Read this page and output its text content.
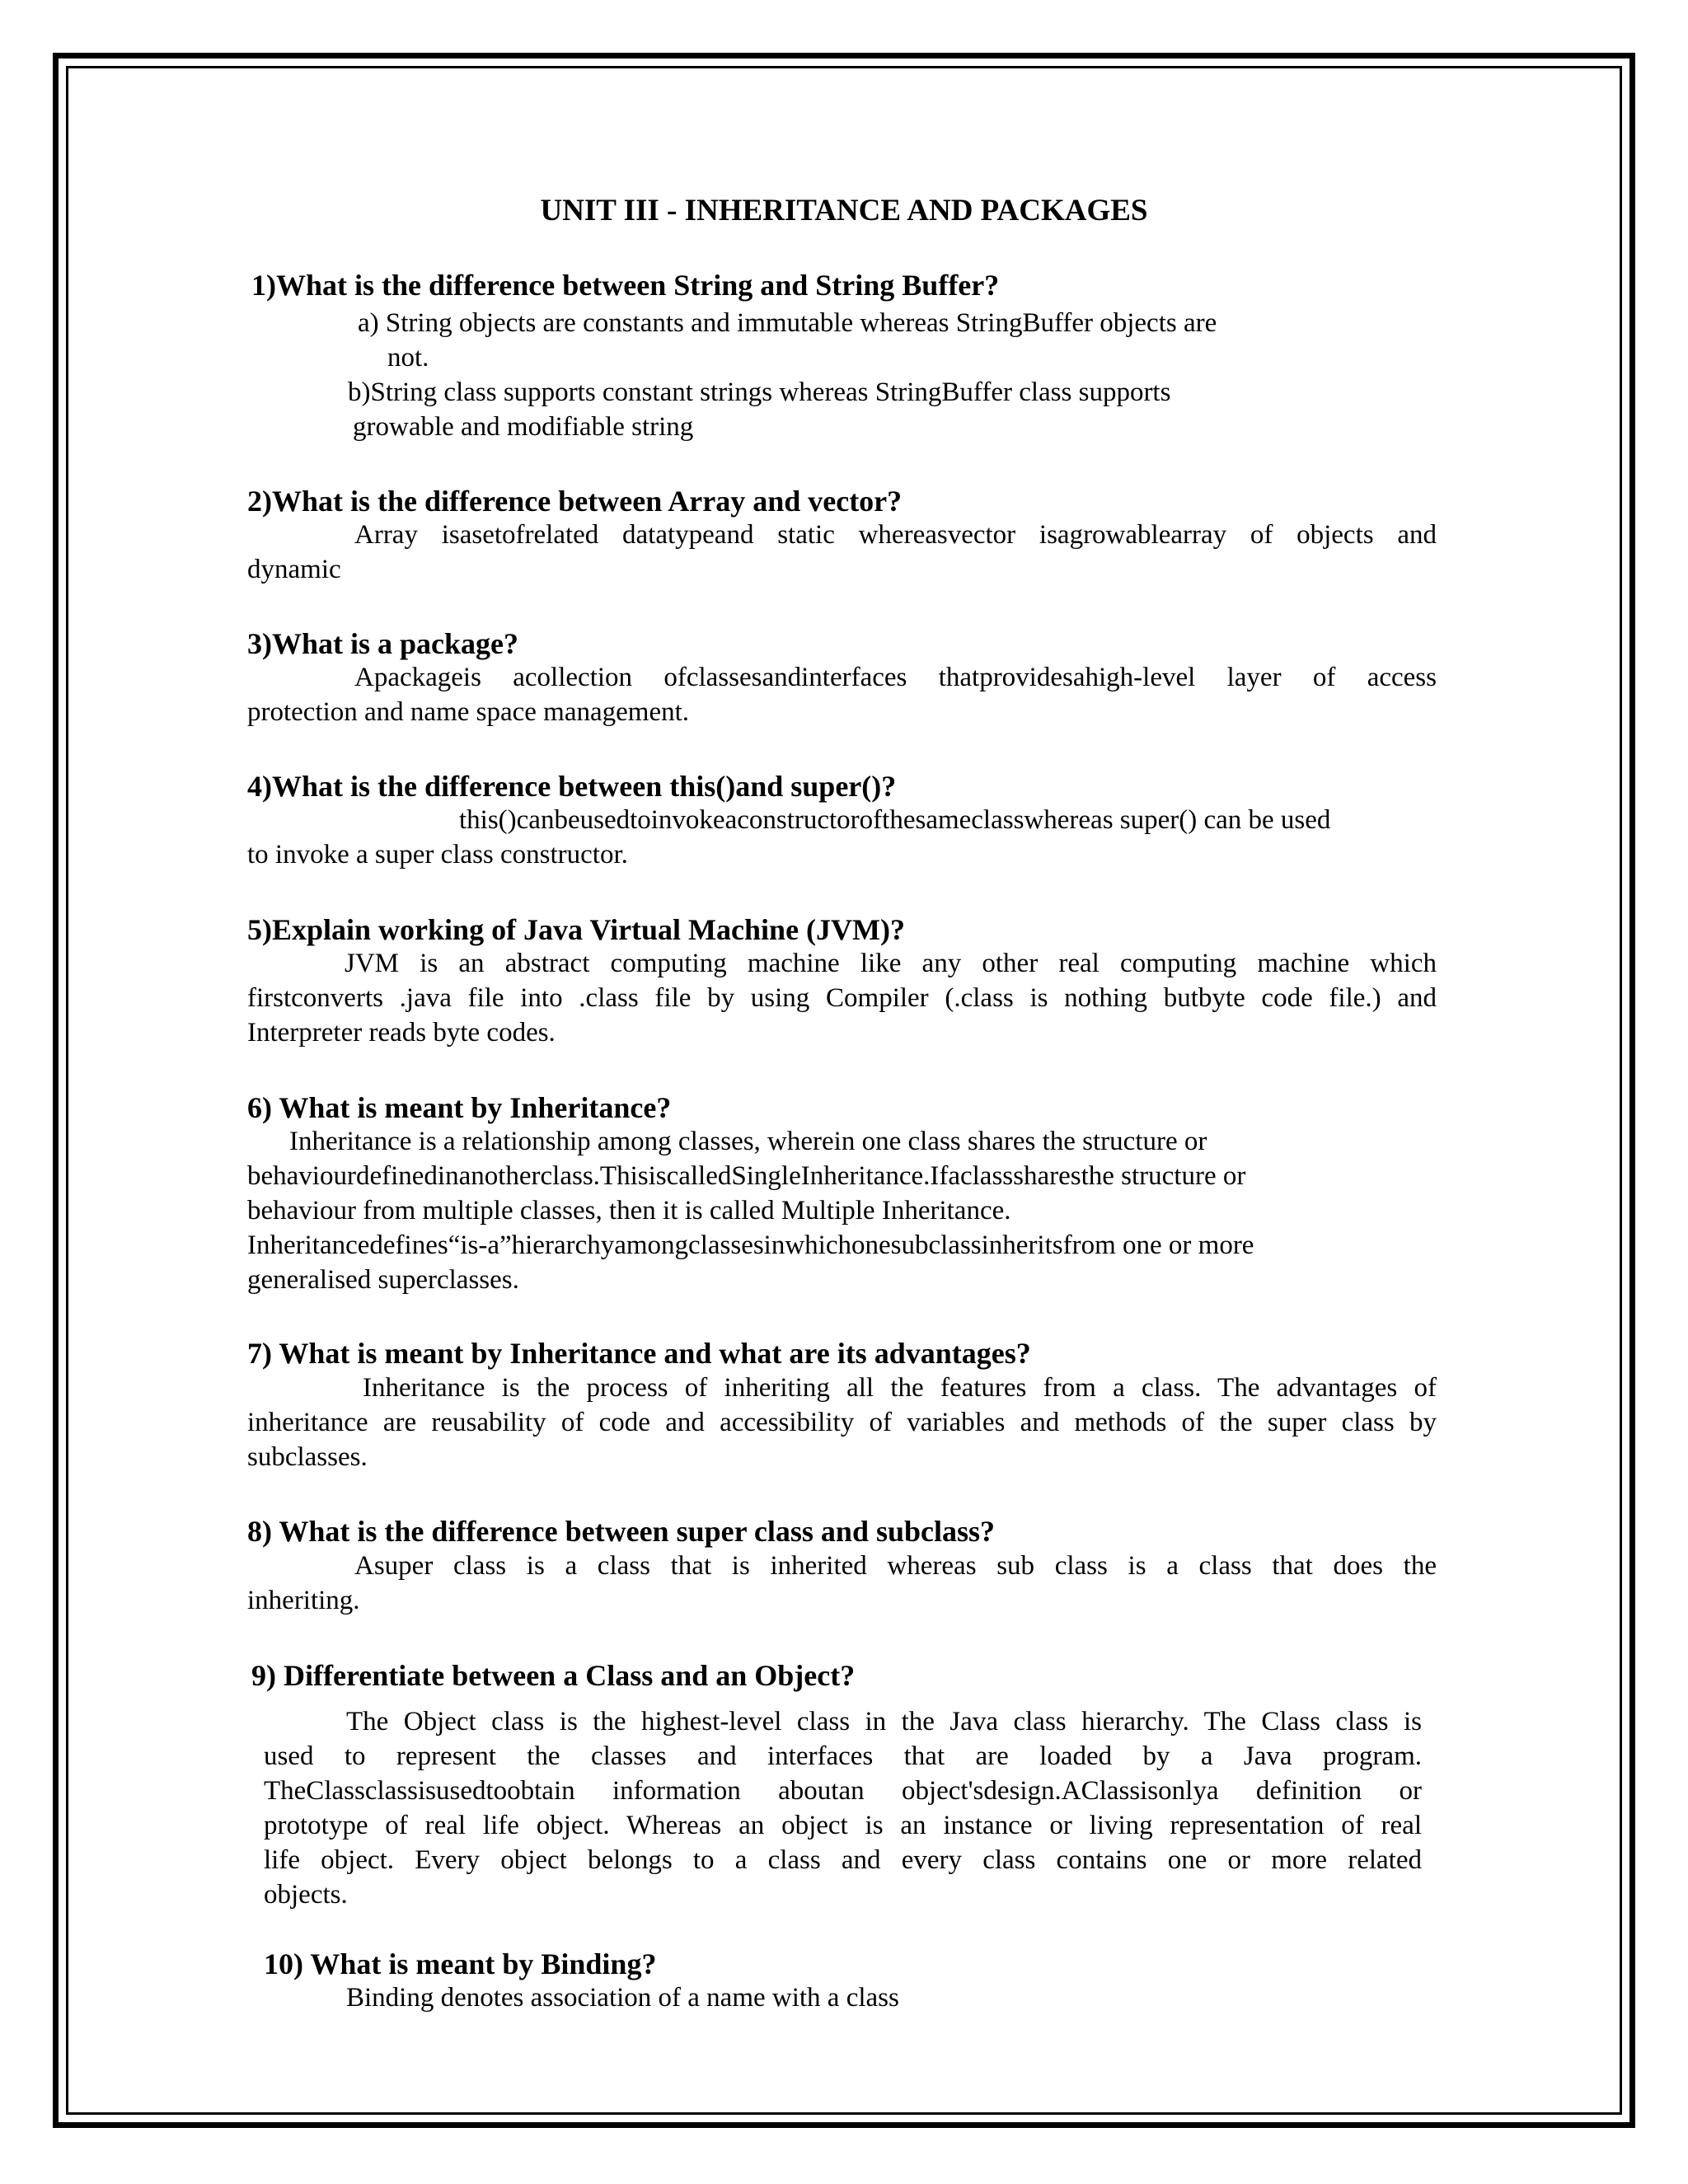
UNIT III - INHERITANCE AND PACKAGES
1)What is the difference between String and String Buffer?
a) String objects are constants and immutable whereas StringBuffer objects are
not.
b)String class supports constant strings whereas StringBuffer class supports
growable and modifiable string
2)What is the difference between Array and vector?
Array isasetofrelated datatypeand static whereasvector isagrowablearray of objects and
dynamic
3)What is a package?
Apackageis acollection ofclassesandinterfaces thatprovidesahigh-level layer of access
protection and name space management.
4)What is the difference between this()and super()?
this()canbeusedtoinvokeaconstructorofthesameclasswhereas super() can be used
to invoke a super class constructor.
5)Explain working of Java Virtual Machine (JVM)?
JVM is an abstract computing machine like any other real computing machine which
firstconverts .java file into .class file by using Compiler (.class is nothing butbyte code file.) and
Interpreter reads byte codes.
6) What is meant by Inheritance?
Inheritance is a relationship among classes, wherein one class shares the structure or
behaviourdefinedinanotherclass.ThisiscalledSingleInheritance.Ifaclasssharesthe structure or
behaviour from multiple classes, then it is called Multiple Inheritance.
Inheritancedefines“is-a”hierarchyamongclassesinwhichonesubclassinheritsfrom one or more
generalised superclasses.
7) What is meant by Inheritance and what are its advantages?
Inheritance is the process of inheriting all the features from a class. The advantages of
inheritance are reusability of code and accessibility of variables and methods of the super class by
subclasses.
8) What is the difference between super class and subclass?
Asuper class is a class that is inherited whereas sub class is a class that does the
inheriting.
9) Differentiate between a Class and an Object?
The Object class is the highest-level class in the Java class hierarchy. The Class class is
used to represent the classes and interfaces that are loaded by a Java program.
TheClassclassisusedtoobtain information aboutan object'sdesign.AClassisonlya definition or
prototype of real life object. Whereas an object is an instance or living representation of real
life object. Every object belongs to a class and every class contains one or more related
objects.
10) What is meant by Binding?
Binding denotes association of a name with a class
